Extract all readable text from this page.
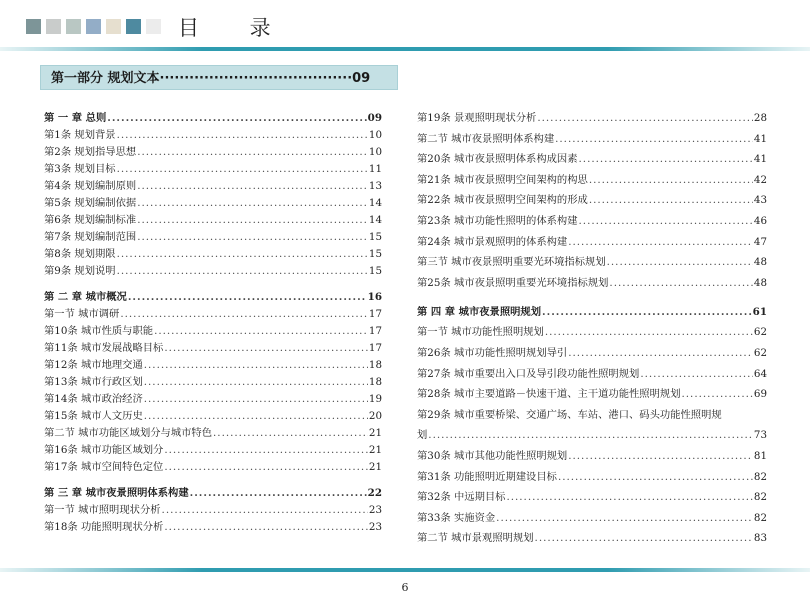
目 录
第一部分 规划文本·······································09
第 一 章 总则 .....	09
第1条 规划背景 .....	10
第2条 规划指导思想 .....	10
第3条 规划目标 .....	11
第4条 规划编制原则 .....	13
第5条 规划编制依据 .....	14
第6条 规划编制标准 .....	14
第7条 规划编制范围 .....	15
第8条 规划期限 .....	15
第9条 规划说明 .....	15
第 二 章 城市概况 .....	16
第一节 城市调研 .....	17
第10条 城市性质与职能 .....	17
第11条 城市发展战略目标 .....	17
第12条 城市地理交通 .....	18
第13条 城市行政区划 .....	18
第14条 城市政治经济 .....	19
第15条 城市人文历史 .....	20
第二节 城市功能区域划分与城市特色 .....	21
第16条 城市功能区域划分 .....	21
第17条 城市空间特色定位 .....	21
第 三 章 城市夜景照明体系构建 .....	22
第一节 城市照明现状分析 .....	23
第18条 功能照明现状分析 .....	23
第19条 景观照明现状分析 .....	28
第二节 城市夜景照明体系构建 .....	41
第20条 城市夜景照明体系构成因素 .....	41
第21条 城市夜景照明空间架构的构思 .....	42
第22条 城市夜景照明空间架构的形成 .....	43
第23条 城市功能性照明的体系构建 .....	46
第24条 城市景观照明的体系构建 .....	47
第三节 城市夜景照明重要光环境指标规划 .....	48
第25条 城市夜景照明重要光环境指标规划 .....	48
第 四 章 城市夜景照明规划 .....	61
第一节 城市功能性照明规划 .....	62
第26条 城市功能性照明规划导引 .....	62
第27条 城市重要出入口及导引段功能性照明规划 .....	64
第28条 城市主要道路－快速干道、主干道功能性照明规划 .....	69
第29条 城市重要桥梁、交通广场、车站、港口、码头功能性照明规
划 .....	73
第30条 城市其他功能性照明规划 .....	81
第31条 功能照明近期建设目标 .....	82
第32条 中远期目标 .....	82
第33条 实施资金 .....	82
第二节 城市景观照明规划 .....	83
6
